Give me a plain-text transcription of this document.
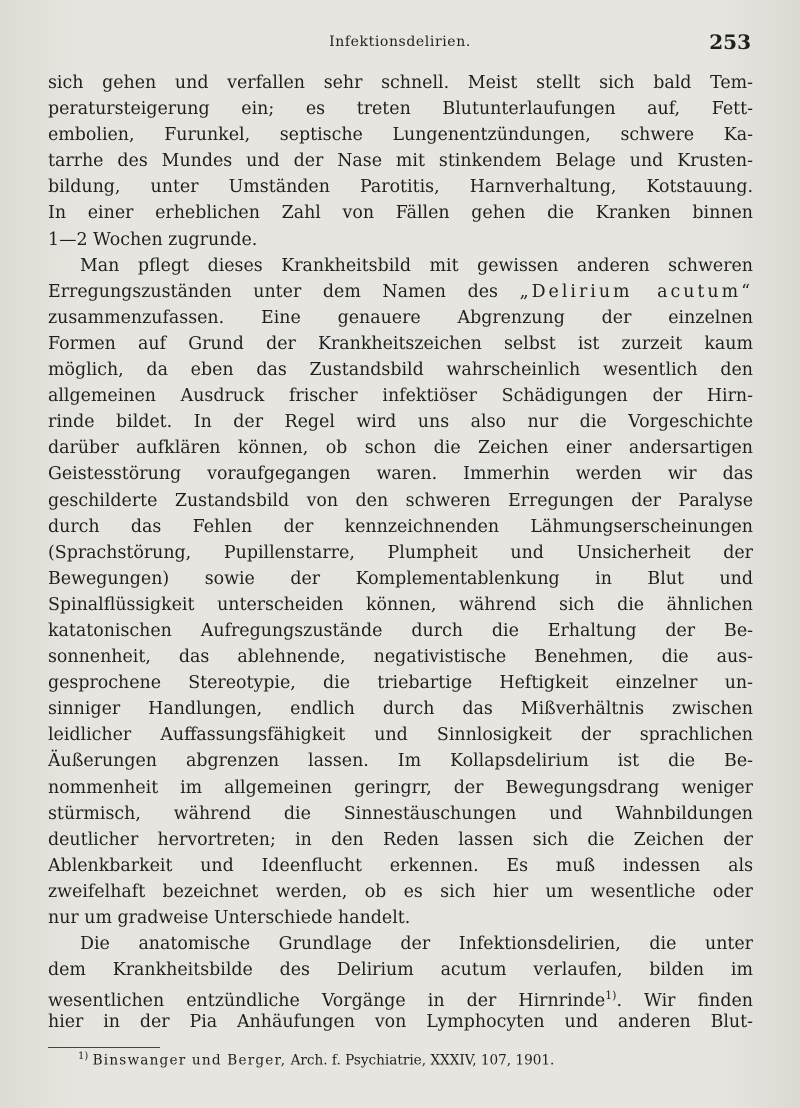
Infektionsdelirien.	253
sich gehen und verfallen sehr schnell. Meist stellt sich bald Tem-
peratursteigerung ein; es treten Blutunterlaufungen auf, Fett-
embolien, Furunkel, septische Lungenentzündungen, schwere Ka-
tarrhe des Mundes und der Nase mit stinkendem Belage und Krusten-
bildung, unter Umständen Parotitis, Harnverhaltung, Kotstauung.
In einer erheblichen Zahl von Fällen gehen die Kranken binnen
1—2 Wochen zugrunde.
Man pflegt dieses Krankheitsbild mit gewissen anderen schweren
Erregungszuständen unter dem Namen des „Delirium acutum“
zusammenzufassen. Eine genauere Abgrenzung der einzelnen
Formen auf Grund der Krankheitszeichen selbst ist zurzeit kaum
möglich, da eben das Zustandsbild wahrscheinlich wesentlich den
allgemeinen Ausdruck frischer infektiöser Schädigungen der Hirn-
rinde bildet. In der Regel wird uns also nur die Vorgeschichte
darüber aufklären können, ob schon die Zeichen einer andersartigen
Geistesstörung voraufgegangen waren. Immerhin werden wir das
geschilderte Zustandsbild von den schweren Erregungen der Paralyse
durch das Fehlen der kennzeichnenden Lähmungserscheinungen
(Sprachstörung, Pupillenstarre, Plumpheit und Unsicherheit der
Bewegungen) sowie der Komplementablenkung in Blut und
Spinalflüssigkeit unterscheiden können, während sich die ähnlichen
katatonischen Aufregungszustände durch die Erhaltung der Be-
sonnenheit, das ablehnende, negativistische Benehmen, die aus-
gesprochene Stereotypie, die triebartige Heftigkeit einzelner un-
sinniger Handlungen, endlich durch das Mißverhältnis zwischen
leidlicher Auffassungsfähigkeit und Sinnlosigkeit der sprachlichen
Äußerungen abgrenzen lassen. Im Kollapsdelirium ist die Be-
nommenheit im allgemeinen geringrr, der Bewegungsdrang weniger
stürmisch, während die Sinnestäuschungen und Wahnbildungen
deutlicher hervortreten; in den Reden lassen sich die Zeichen der
Ablenkbarkeit und Ideenflucht erkennen. Es muß indessen als
zweifelhaft bezeichnet werden, ob es sich hier um wesentliche oder
nur um gradweise Unterschiede handelt.
Die anatomische Grundlage der Infektionsdelirien, die unter
dem Krankheitsbilde des Delirium acutum verlaufen, bilden im
wesentlichen entzündliche Vorgänge in der Hirnrinde$^{1)}$. Wir finden
hier in der Pia Anhäufungen von Lymphocyten und anderen Blut-
$^{1)}$ Binswanger und Berger, Arch. f. Psychiatrie, XXXIV, 107, 1901.
